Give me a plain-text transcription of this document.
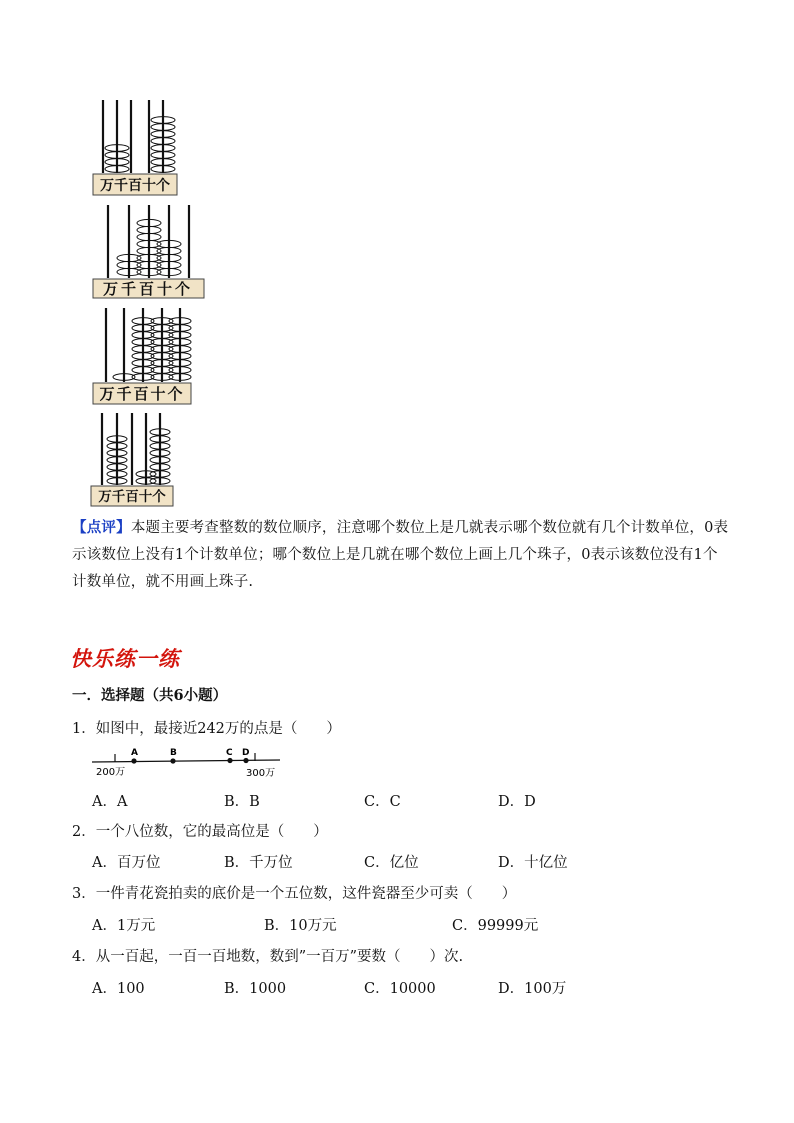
万千百十个
万千百十个
万千百十个
万千百十个
【点评】本题主要考查整数的数位顺序，注意哪个数位上是几就表示哪个数位就有几个计数单位，0表示该数位上没有1个计数单位；哪个数位上是几就在哪个数位上画上几个珠子，0表示该数位没有1个计数单位，就不用画上珠子.
快乐练一练
一．选择题（共6小题）
1．如图中，最接近242万的点是（　　）
A	B	C D
200万	300万
A．A	B．B	C．C	D．D
2．一个八位数，它的最高位是（　　）
A．百万位	B．千万位	C．亿位	D．十亿位
3．一件青花瓷拍卖的底价是一个五位数，这件瓷器至少可卖（　　）
A．1万元	B．10万元	C．99999元
4．从一百起，一百一百地数，数到”一百万”要数（　　）次.
A．100	B．1000	C．10000	D．100万
